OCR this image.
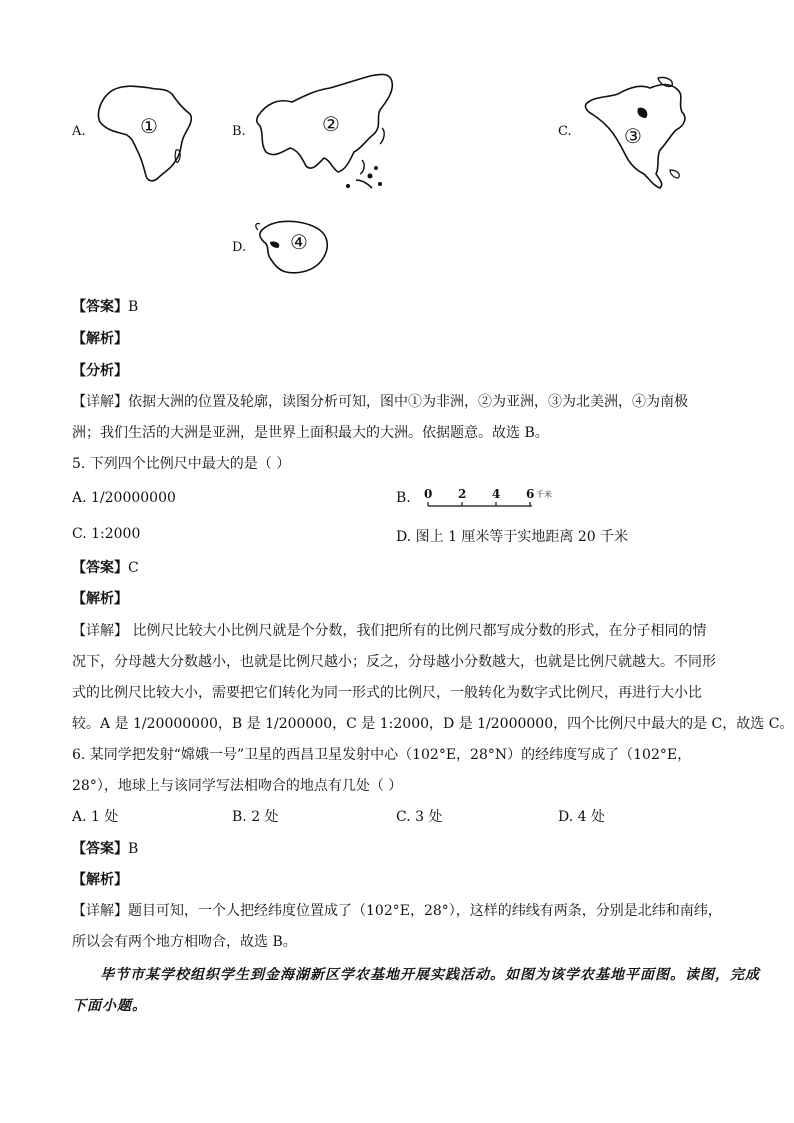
A.	①	B.	②	C.	③
D. ④
【答案】B
【解析】
【分析】
【详解】依据大洲的位置及轮廓，读图分析可知，图中①为非洲，②为亚洲，③为北美洲，④为南极
洲；我们生活的大洲是亚洲，是世界上面积最大的大洲。依据题意。故选 B。
5. 下列四个比例尺中最大的是（ ）
A. 1/20000000	B. 0 2 4 6 千米
C. 1:2000	D. 图上 1 厘米等于实地距离 20 千米
【答案】C
【解析】
【详解】 比例尺比较大小比例尺就是个分数，我们把所有的比例尺都写成分数的形式，在分子相同的情
况下，分母越大分数越小，也就是比例尺越小；反之，分母越小分数越大，也就是比例尺就越大。不同形
式的比例尺比较大小，需要把它们转化为同一形式的比例尺，一般转化为数字式比例尺，再进行大小比
较。A 是 1/20000000，B 是 1/200000，C 是 1:2000，D 是 1/2000000，四个比例尺中最大的是 C，故选 C。
6. 某同学把发射“嫦娥一号”卫星的西昌卫星发射中心（102°E，28°N）的经纬度写成了（102°E，
28°），地球上与该同学写法相吻合的地点有几处（ ）
A. 1 处	B. 2 处	C. 3 处	D. 4 处
【答案】B
【解析】
【详解】题目可知，一个人把经纬度位置成了（102°E，28°），这样的纬线有两条，分别是北纬和南纬，
所以会有两个地方相吻合，故选 B。
毕节市某学校组织学生到金海湖新区学农基地开展实践活动。如图为该学农基地平面图。读图，完成
下面小题。
